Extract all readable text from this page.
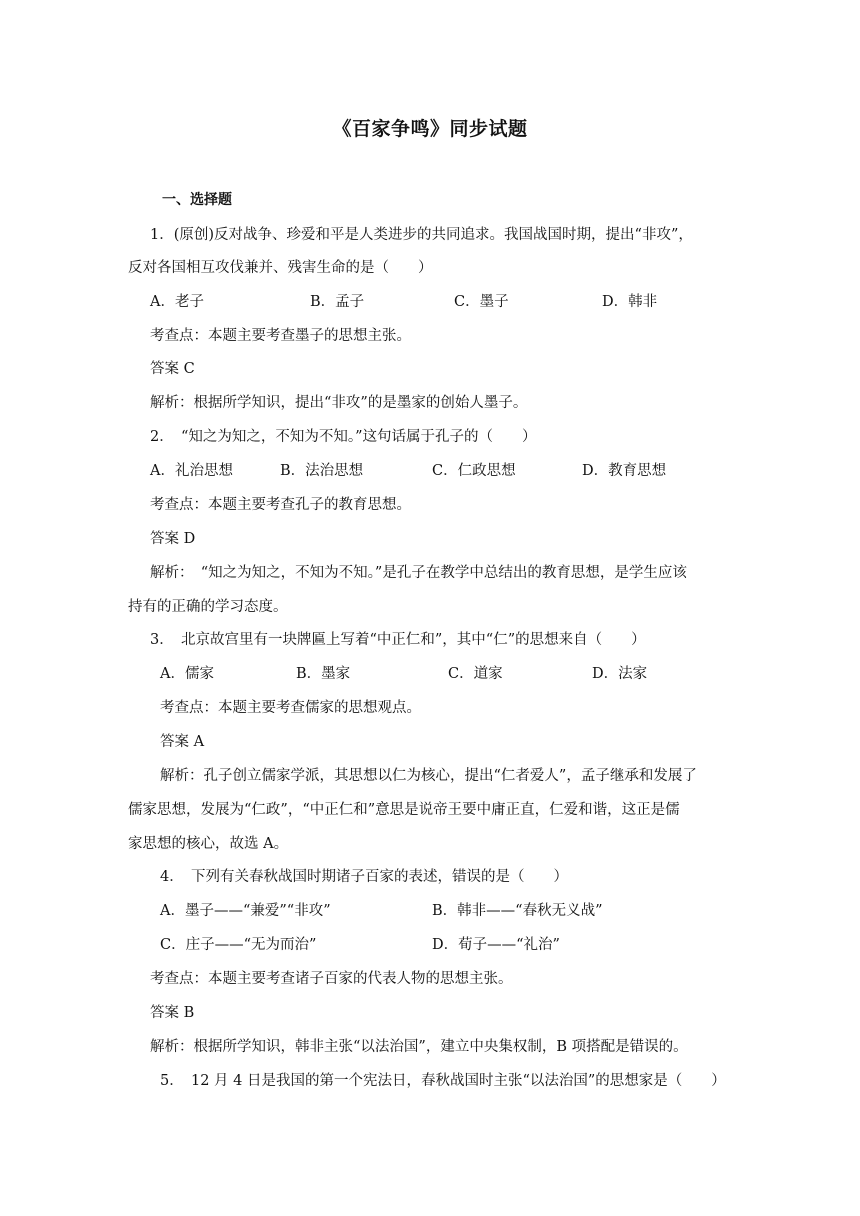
《百家争鸣》同步试题
一、选择题
1．(原创)反对战争、珍爱和平是人类进步的共同追求。我国战国时期，提出“非攻”，
反对各国相互攻伐兼并、残害生命的是（　　）
A．老子	B．孟子	C．墨子	D．韩非
考查点：本题主要考查墨子的思想主张。
答案 C
解析：根据所学知识，提出“非攻”的是墨家的创始人墨子。
2．　“知之为知之，不知为不知。”这句话属于孔子的（　　）
A．礼治思想	B．法治思想	C．仁政思想	D．教育思想
考查点：本题主要考查孔子的教育思想。
答案 D
解析：　“知之为知之，不知为不知。”是孔子在教学中总结出的教育思想，是学生应该
持有的正确的学习态度。
3．　北京故宫里有一块牌匾上写着“中正仁和”，其中“仁”的思想来自（　　）
A．儒家	B．墨家	C．道家	D．法家
考查点：本题主要考查儒家的思想观点。
答案 A
解析：孔子创立儒家学派，其思想以仁为核心，提出“仁者爱人”，孟子继承和发展了
儒家思想，发展为“仁政”，“中正仁和”意思是说帝王要中庸正直，仁爱和谐，这正是儒
家思想的核心，故选 A。
4．　下列有关春秋战国时期诸子百家的表述，错误的是（　　）
A．墨子——“兼爱”“非攻”	B．韩非——“春秋无义战”
C．庄子——“无为而治”	D．荀子——“礼治”
考查点：本题主要考查诸子百家的代表人物的思想主张。
答案 B
解析：根据所学知识，韩非主张“以法治国”，建立中央集权制，B 项搭配是错误的。
5．　12 月 4 日是我国的第一个宪法日，春秋战国时主张“以法治国”的思想家是（　　）
